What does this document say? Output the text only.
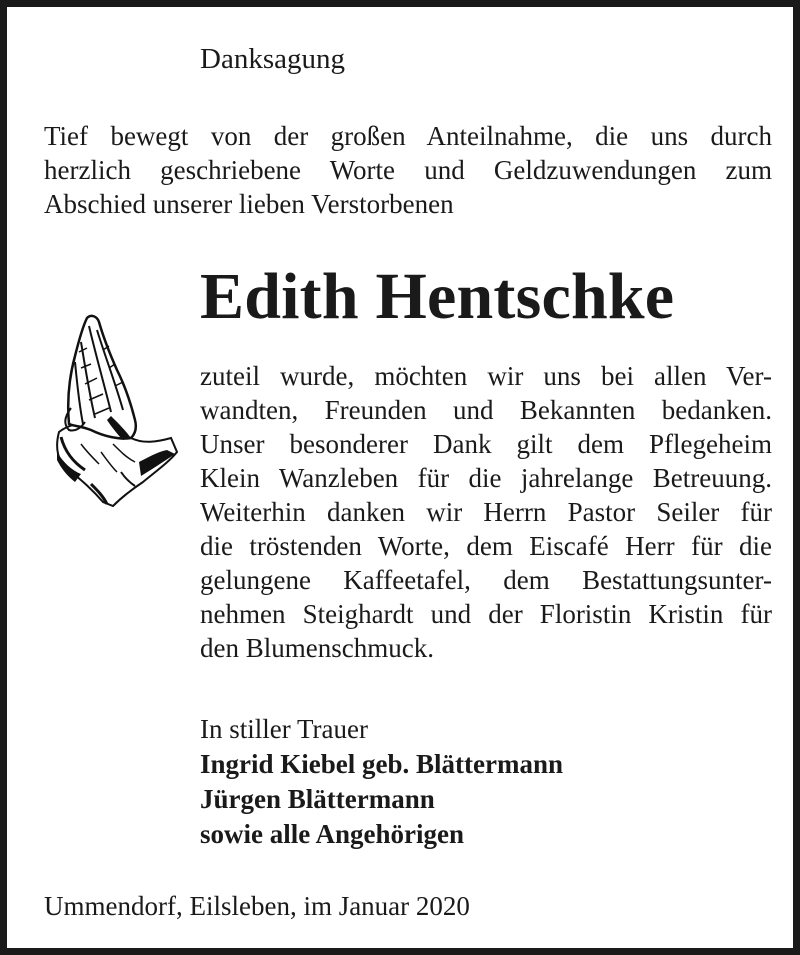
Danksagung
Tief bewegt von der großen Anteilnahme, die uns durch
herzlich geschriebene Worte und Geldzuwendungen zum
Abschied unserer lieben Verstorbenen
Edith Hentschke
zuteil wurde, möchten wir uns bei allen Ver-
wandten, Freunden und Bekannten bedanken.
Unser besonderer Dank gilt dem Pflegeheim
Klein Wanzleben für die jahrelange Betreuung.
Weiterhin danken wir Herrn Pastor Seiler für
die tröstenden Worte, dem Eiscafé Herr für die
gelungene Kaffeetafel, dem Bestattungsunter-
nehmen Steighardt und der Floristin Kristin für
den Blumenschmuck.
In stiller Trauer
Ingrid Kiebel geb. Blättermann
Jürgen Blättermann
sowie alle Angehörigen
Ummendorf, Eilsleben, im Januar 2020
